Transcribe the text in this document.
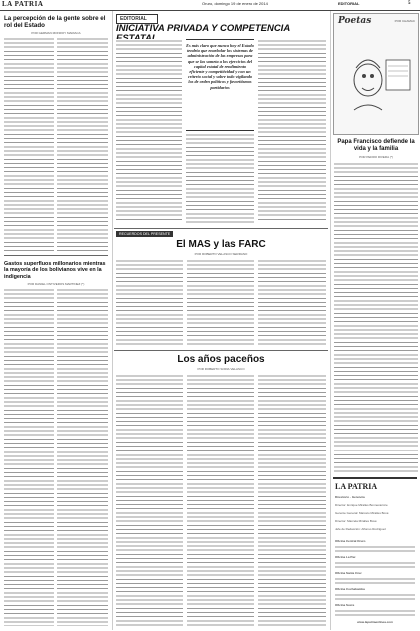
LA PATRIA	Oruro, domingo 19 de enero de 2014	EDITORIAL	5
La percepción de la gente sobre el rol del Estado
POR GERMAN MONROY MARIACA
Gastos superfluos millonarios mientras la mayoría de los bolivianos vive en la indigencia
POR DANIEL ONTIVEROS MARTINEZ (*)
EDITORIAL
INICIATIVA PRIVADA Y COMPETENCIA
Es más claro que nunca hoy el Estado tendría que enarbolar los sistemas de administración de las empresas para que se las someta a los ejercicios del capital estatal de rendimiento eficiente y competitividad y con un criterio social y sobre todo vigilando los de orden políticos y favoritismos partidarios
RECUERDOS DEL PRESENTE
El MAS y las FARC
POR ROBERTO VELASCO SERRANO
Los años paceños
POR ROBERTO SORIA VELASCO
Poetas	POR CHAMAC
Papa Francisco defiende la vida y la familia
POR PEDRO RIVERA (*)
LA PATRIA
Directorio - Gerencia
Director: Enrique Miralles Bonnecarrère
Gerente General: Marcelo Miralles Bové
Director: Marcela Miralles Bové
Jefe de Redacción: Alfonso Rodríguez
Oficina Central Oruro
Oficina La Paz
Oficina Santa Cruz
Oficina Cochabamba
Oficina Sucre
www.lapatriaenlinea.com
